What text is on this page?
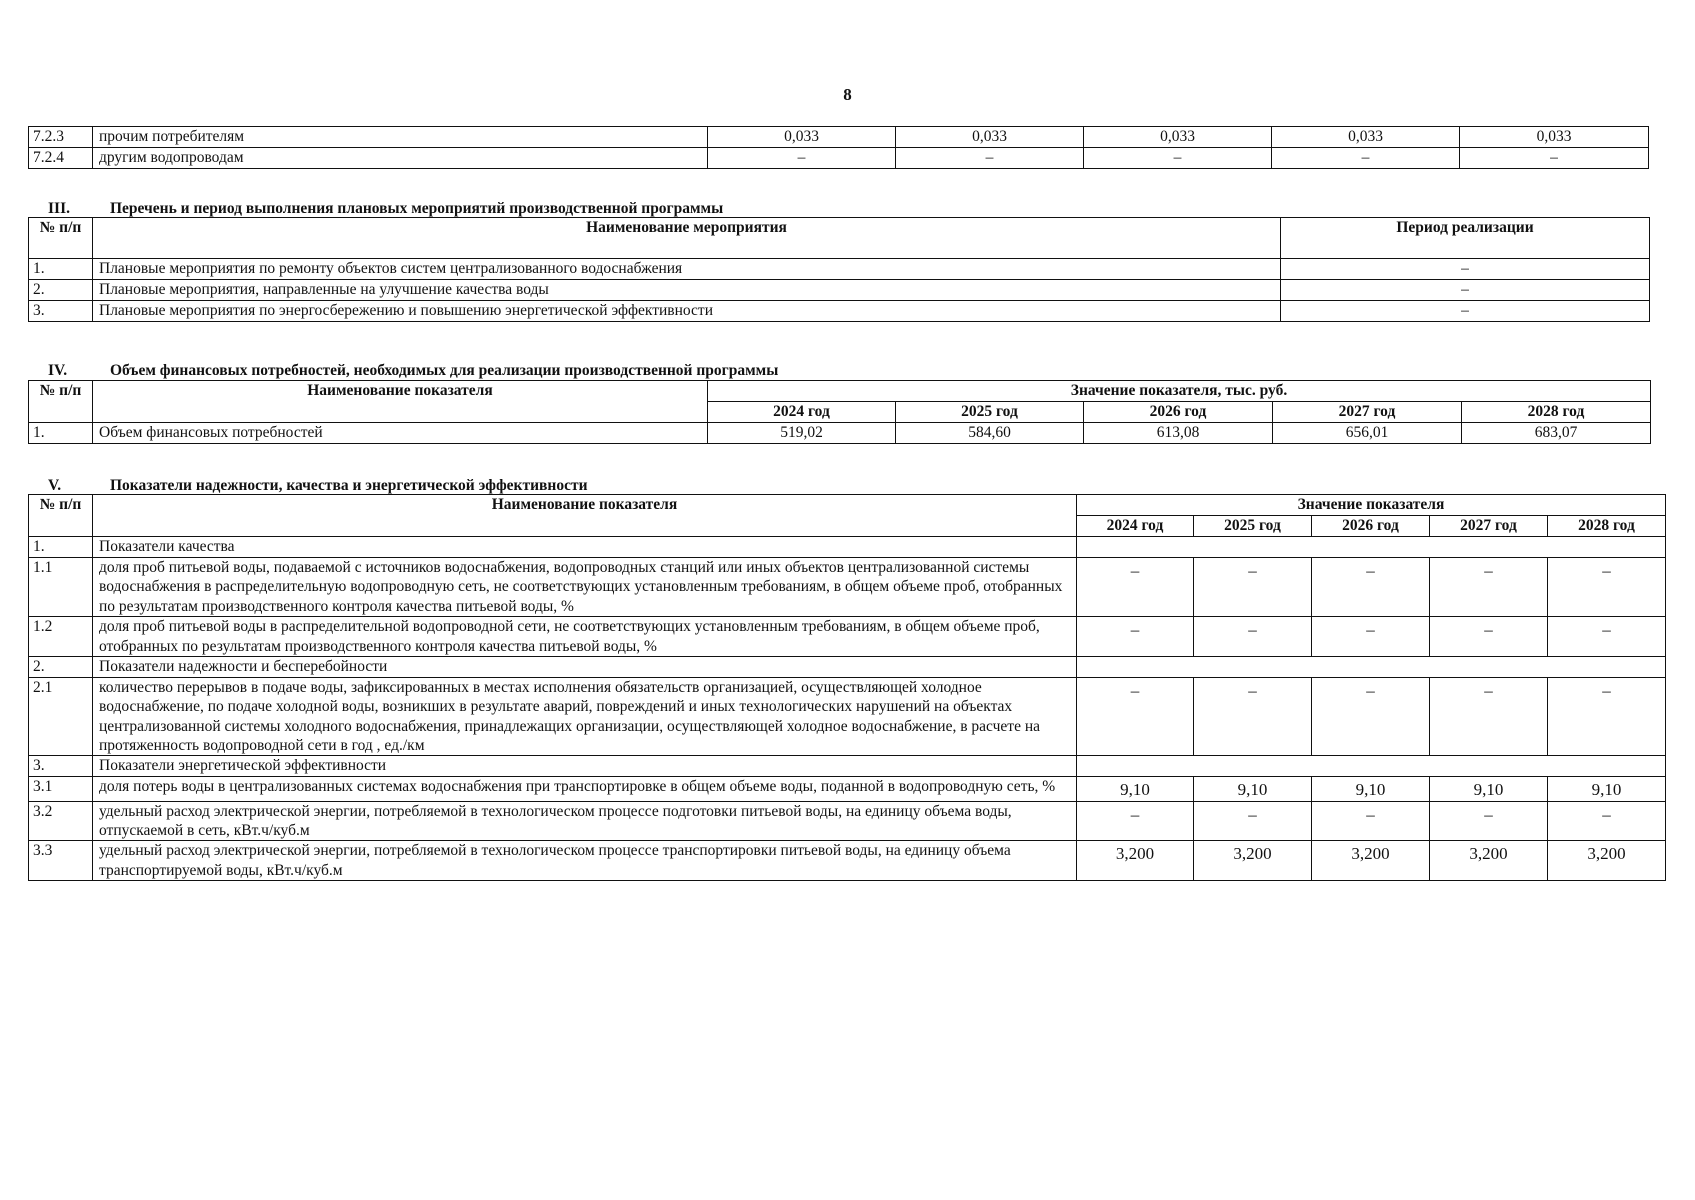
8
7.2.3	прочим потребителям	0,033	0,033	0,033	0,033	0,033
7.2.4	другим водопроводам	–	–	–	–	–
III.	Перечень и период выполнения плановых мероприятий производственной программы
№ п/п	Наименование мероприятия	Период реализации
1.	Плановые мероприятия по ремонту объектов систем централизованного водоснабжения	–
2.	Плановые мероприятия, направленные на улучшение качества воды	–
3.	Плановые мероприятия по энергосбережению и повышению энергетической эффективности	–
IV.	Объем финансовых потребностей, необходимых для реализации производственной программы
№ п/п	Наименование показателя	Значение показателя, тыс. руб.				
		2024 год	2025 год	2026 год	2027 год	2028 год
1.	Объем финансовых потребностей	519,02	584,60	613,08	656,01	683,07
V.	Показатели надежности, качества и энергетической эффективности
№ п/п	Наименование показателя	Значение показателя				
		2024 год	2025 год	2026 год	2027 год	2028 год
1.	Показатели качества					
1.1	доля проб питьевой воды, подаваемой с источников водоснабжения, водопроводных станций или иных объектов централизованной системы водоснабжения в распределительную водопроводную сеть, не соответствующих установленным требованиям, в общем объеме проб, отобранных по результатам производственного контроля качества питьевой воды, %	–	–	–	–	–
1.2	доля проб питьевой воды в распределительной водопроводной сети, не соответствующих установленным требованиям, в общем объеме проб, отобранных по результатам производственного контроля качества питьевой воды, %	–	–	–	–	–
2.	Показатели надежности и бесперебойности					
2.1	количество перерывов в подаче воды, зафиксированных в местах исполнения обязательств организацией, осуществляющей холодное водоснабжение, по подаче холодной воды, возникших в результате аварий, повреждений и иных технологических нарушений на объектах централизованной системы холодного водоснабжения, принадлежащих организации, осуществляющей холодное водоснабжение, в расчете на протяженность водопроводной сети в год , ед./км	–	–	–	–	–
3.	Показатели энергетической эффективности					
3.1	доля потерь воды в централизованных системах водоснабжения при транспортировке в общем объеме воды, поданной в водопроводную сеть, %	9,10	9,10	9,10	9,10	9,10
3.2	удельный расход электрической энергии, потребляемой в технологическом процессе подготовки питьевой воды, на единицу объема воды, отпускаемой в сеть, кВт.ч/куб.м	–	–	–	–	–
3.3	удельный расход электрической энергии, потребляемой в технологическом процессе транспортировки питьевой воды, на единицу объема транспортируемой воды, кВт.ч/куб.м	3,200	3,200	3,200	3,200	3,200
